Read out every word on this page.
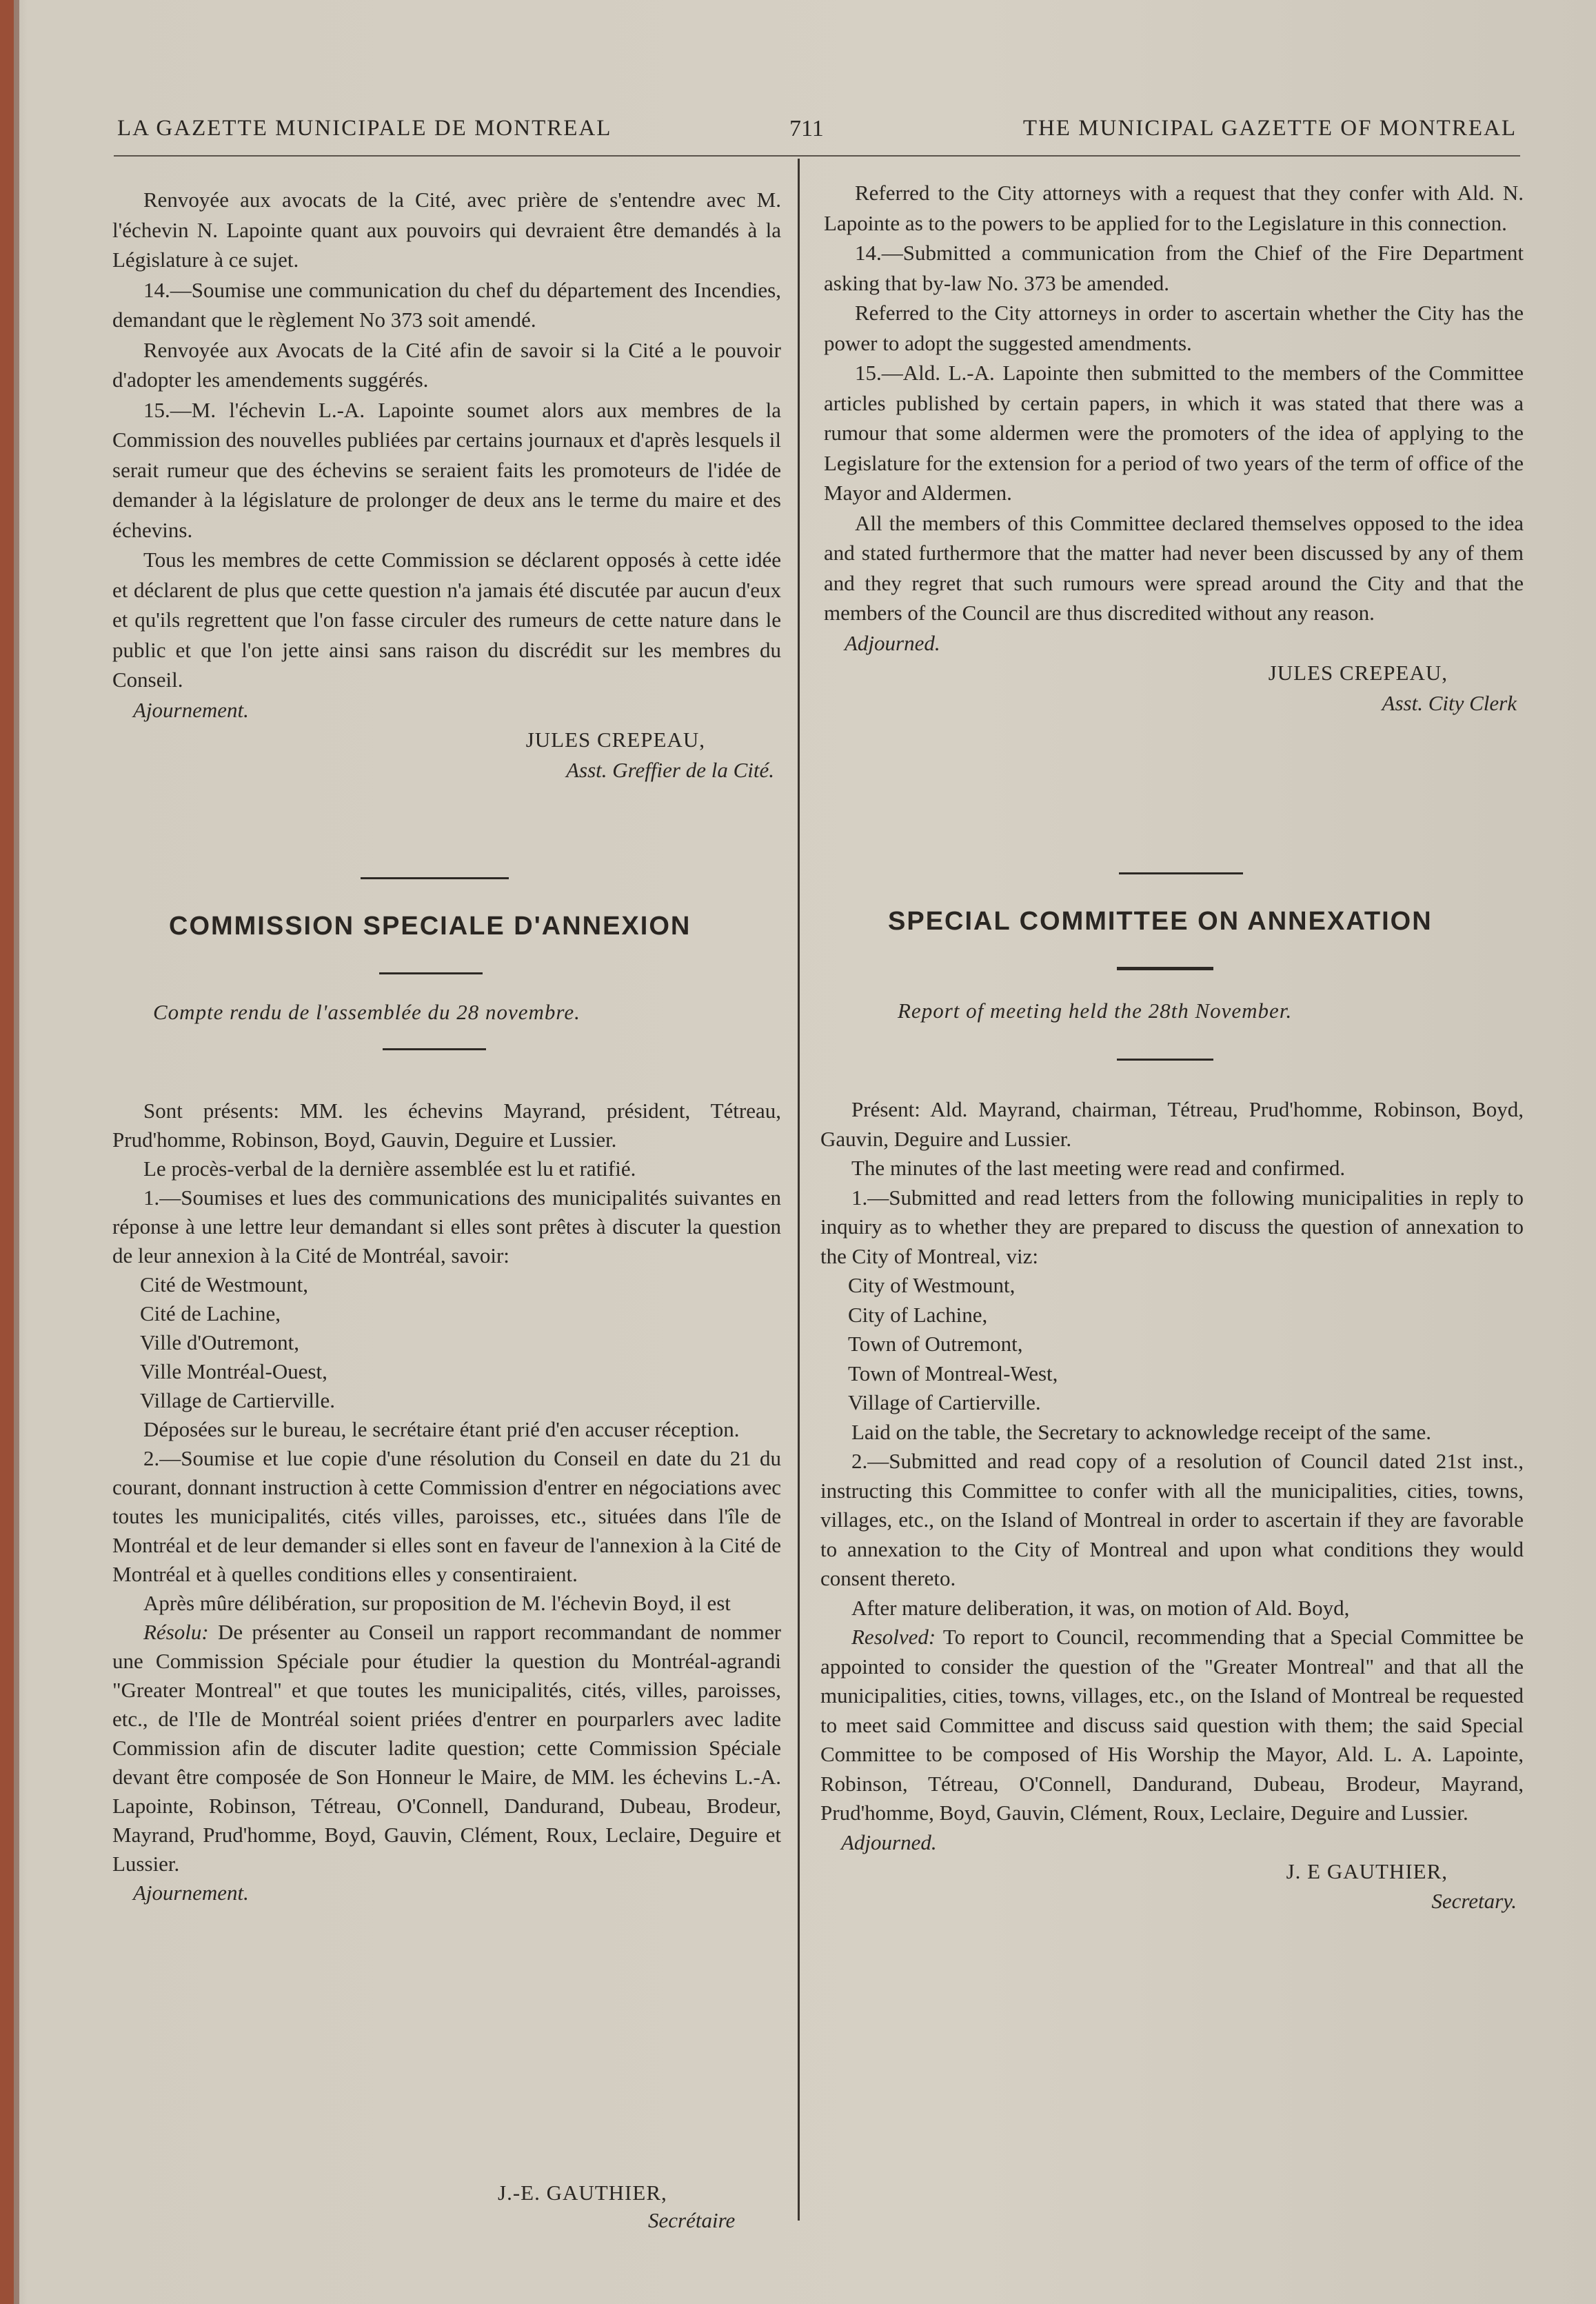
LA GAZETTE MUNICIPALE DE MONTREAL	711	THE MUNICIPAL GAZETTE OF MONTREAL

Renvoyée aux avocats de la Cité, avec prière de s'entendre avec M. l'échevin N. Lapointe quant aux pouvoirs qui devraient être demandés à la Législature à ce sujet.

14.—Soumise une communication du chef du département des Incendies, demandant que le règlement No 373 soit amendé.

Renvoyée aux Avocats de la Cité afin de savoir si la Cité a le pouvoir d'adopter les amendements suggérés.

15.—M. l'échevin L.-A. Lapointe soumet alors aux membres de la Commission des nouvelles publiées par certains journaux et d'après lesquels il serait rumeur que des échevins se seraient faits les promoteurs de l'idée de demander à la législature de prolonger de deux ans le terme du maire et des échevins.

Tous les membres de cette Commission se déclarent opposés à cette idée et déclarent de plus que cette question n'a jamais été discutée par aucun d'eux et qu'ils regrettent que l'on fasse circuler des rumeurs de cette nature dans le public et que l'on jette ainsi sans raison du discrédit sur les membres du Conseil.

Ajournement.

JULES CREPEAU,

Asst. Greffier de la Cité.

Referred to the City attorneys with a request that they confer with Ald. N. Lapointe as to the powers to be applied for to the Legislature in this connection.

14.—Submitted a communication from the Chief of the Fire Department asking that by-law No. 373 be amended.

Referred to the City attorneys in order to ascertain whether the City has the power to adopt the suggested amendments.

15.—Ald. L.-A. Lapointe then submitted to the members of the Committee articles published by certain papers, in which it was stated that there was a rumour that some aldermen were the promoters of the idea of applying to the Legislature for the extension for a period of two years of the term of office of the Mayor and Aldermen.

All the members of this Committee declared themselves opposed to the idea and stated furthermore that the matter had never been discussed by any of them and they regret that such rumours were spread around the City and that the members of the Council are thus discredited without any reason.

Adjourned.

JULES CREPEAU,

Asst. City Clerk

COMMISSION SPECIALE D'ANNEXION	SPECIAL COMMITTEE ON ANNEXATION
Compte rendu de l'assemblée du 28 novembre.	Report of meeting held the 28th November.

Sont présents: MM. les échevins Mayrand, président, Tétreau, Prud'homme, Robinson, Boyd, Gauvin, Deguire et Lussier.

Le procès-verbal de la dernière assemblée est lu et ratifié.

1.—Soumises et lues des communications des municipalités suivantes en réponse à une lettre leur demandant si elles sont prêtes à discuter la question de leur annexion à la Cité de Montréal, savoir:

Cité de Westmount,

Cité de Lachine,

Ville d'Outremont,

Ville Montréal-Ouest,

Village de Cartierville.

Déposées sur le bureau, le secrétaire étant prié d'en accuser réception.

2.—Soumise et lue copie d'une résolution du Conseil en date du 21 du courant, donnant instruction à cette Commission d'entrer en négociations avec toutes les municipalités, cités villes, paroisses, etc., situées dans l'île de Montréal et de leur demander si elles sont en faveur de l'annexion à la Cité de Montréal et à quelles conditions elles y consentiraient.

Après mûre délibération, sur proposition de M. l'échevin Boyd, il est

Résolu: De présenter au Conseil un rapport recommandant de nommer une Commission Spéciale pour étudier la question du Montréal-agrandi "Greater Montreal" et que toutes les municipalités, cités, villes, paroisses, etc., de l'Ile de Montréal soient priées d'entrer en pourparlers avec ladite Commission afin de discuter ladite question; cette Commission Spéciale devant être composée de Son Honneur le Maire, de MM. les échevins L.-A. Lapointe, Robinson, Tétreau, O'Connell, Dandurand, Dubeau, Brodeur, Mayrand, Prud'homme, Boyd, Gauvin, Clément, Roux, Leclaire, Deguire et Lussier.

Ajournement.

J.-E. GAUTHIER,
Secrétaire

Présent: Ald. Mayrand, chairman, Tétreau, Prud'homme, Robinson, Boyd, Gauvin, Deguire and Lussier.

The minutes of the last meeting were read and confirmed.

1.—Submitted and read letters from the following municipalities in reply to inquiry as to whether they are prepared to discuss the question of annexation to the City of Montreal, viz:

City of Westmount,

City of Lachine,

Town of Outremont,

Town of Montreal-West,

Village of Cartierville.

Laid on the table, the Secretary to acknowledge receipt of the same.

2.—Submitted and read copy of a resolution of Council dated 21st inst., instructing this Committee to confer with all the municipalities, cities, towns, villages, etc., on the Island of Montreal in order to ascertain if they are favorable to annexation to the City of Montreal and upon what conditions they would consent thereto.

After mature deliberation, it was, on motion of Ald. Boyd,

Resolved: To report to Council, recommending that a Special Committee be appointed to consider the question of the "Greater Montreal" and that all the municipalities, cities, towns, villages, etc., on the Island of Montreal be requested to meet said Committee and discuss said question with them; the said Special Committee to be composed of His Worship the Mayor, Ald. L. A. Lapointe, Robinson, Tétreau, O'Connell, Dandurand, Dubeau, Brodeur, Mayrand, Prud'homme, Boyd, Gauvin, Clément, Roux, Leclaire, Deguire and Lussier.

Adjourned.

J. E GAUTHIER,

Secretary.
